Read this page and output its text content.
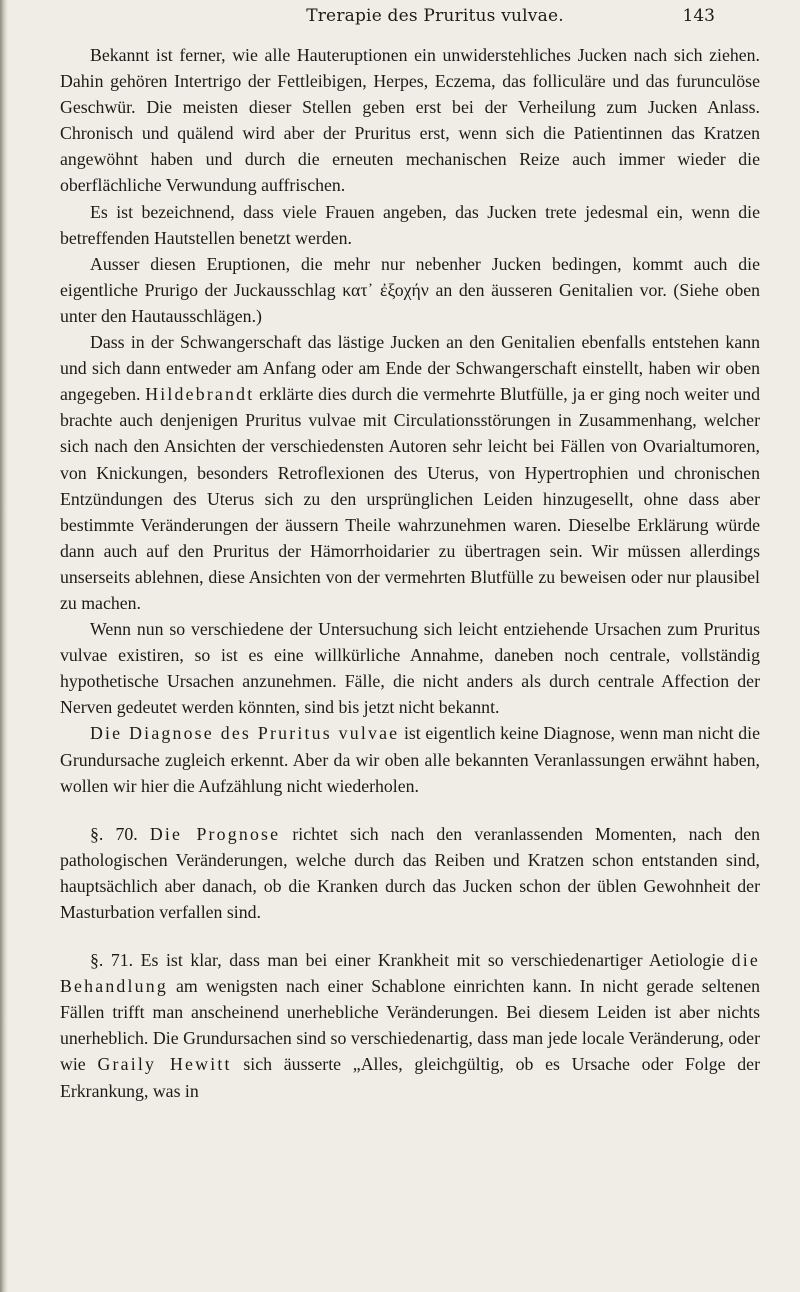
Trerapie des Pruritus vulvae.	143

Bekannt ist ferner, wie alle Hauteruptionen ein unwiderstehliches Jucken nach sich ziehen. Dahin gehören Intertrigo der Fettleibigen, Herpes, Eczema, das folliculäre und das furunculöse Geschwür. Die meisten dieser Stellen geben erst bei der Verheilung zum Jucken Anlass. Chronisch und quälend wird aber der Pruritus erst, wenn sich die Patientinnen das Kratzen angewöhnt haben und durch die erneuten mechanischen Reize auch immer wieder die oberflächliche Verwundung auffrischen.

Es ist bezeichnend, dass viele Frauen angeben, das Jucken trete jedesmal ein, wenn die betreffenden Hautstellen benetzt werden.

Ausser diesen Eruptionen, die mehr nur nebenher Jucken bedingen, kommt auch die eigentliche Prurigo der Juckausschlag κατ᾽ ἐξοχήν an den äusseren Genitalien vor. (Siehe oben unter den Hautausschlägen.)

Dass in der Schwangerschaft das lästige Jucken an den Genitalien ebenfalls entstehen kann und sich dann entweder am Anfang oder am Ende der Schwangerschaft einstellt, haben wir oben angegeben. Hildebrandt erklärte dies durch die vermehrte Blutfülle, ja er ging noch weiter und brachte auch denjenigen Pruritus vulvae mit Circulationsstörungen in Zusammenhang, welcher sich nach den Ansichten der verschiedensten Autoren sehr leicht bei Fällen von Ovarialtumoren, von Knickungen, besonders Retroflexionen des Uterus, von Hypertrophien und chronischen Entzündungen des Uterus sich zu den ursprünglichen Leiden hinzugesellt, ohne dass aber bestimmte Veränderungen der äussern Theile wahrzunehmen waren. Dieselbe Erklärung würde dann auch auf den Pruritus der Hämorrhoidarier zu übertragen sein. Wir müssen allerdings unserseits ablehnen, diese Ansichten von der vermehrten Blutfülle zu beweisen oder nur plausibel zu machen.

Wenn nun so verschiedene der Untersuchung sich leicht entziehende Ursachen zum Pruritus vulvae existiren, so ist es eine willkürliche Annahme, daneben noch centrale, vollständig hypothetische Ursachen anzunehmen. Fälle, die nicht anders als durch centrale Affection der Nerven gedeutet werden könnten, sind bis jetzt nicht bekannt.

Die Diagnose des Pruritus vulvae ist eigentlich keine Diagnose, wenn man nicht die Grundursache zugleich erkennt. Aber da wir oben alle bekannten Veranlassungen erwähnt haben, wollen wir hier die Aufzählung nicht wiederholen.

§. 70. Die Prognose richtet sich nach den veranlassenden Momenten, nach den pathologischen Veränderungen, welche durch das Reiben und Kratzen schon entstanden sind, hauptsächlich aber danach, ob die Kranken durch das Jucken schon der üblen Gewohnheit der Masturbation verfallen sind.

§. 71. Es ist klar, dass man bei einer Krankheit mit so verschiedenartiger Aetiologie die Behandlung am wenigsten nach einer Schablone einrichten kann. In nicht gerade seltenen Fällen trifft man anscheinend unerhebliche Veränderungen. Bei diesem Leiden ist aber nichts unerheblich. Die Grundursachen sind so verschiedenartig, dass man jede locale Veränderung, oder wie Graily Hewitt sich äusserte „Alles, gleichgültig, ob es Ursache oder Folge der Erkrankung, was in
